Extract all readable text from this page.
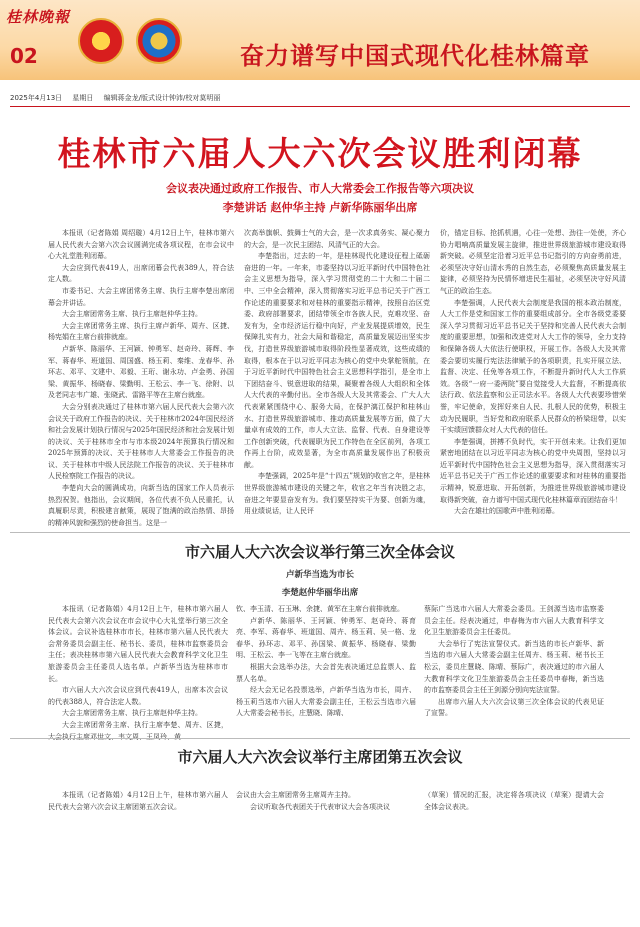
桂林晚報
02	奋力谱写中国式现代化桂林篇章
2025年4月13日 星期日 编辑蒋金龙/版式设计钟沛/校对莫明丽
桂林市六届人大六次会议胜利闭幕
会议表决通过政府工作报告、市人大常委会工作报告等六项决议
李楚讲话 赵仲华主持 卢新华陈丽华出席

本报讯（记者陈娟 周绍璇）4月12日上午，桂林市第六届人民代表大会第六次会议圆满完成各项议程，在市会议中心大礼堂胜利闭幕。

大会应到代表419人，出席闭幕会代表389人，符合法定人数。

市委书记、大会主席团常务主席、执行主席李楚出席闭幕会并讲话。

大会主席团常务主席、执行主席赵仲华主持。

大会主席团常务主席、执行主席卢新华、周卉、区捷、杨宪娟在主席台前排就座。

卢新华、陈丽华、王河颖、钟勇军、赵奇玲、蒋辉、李军、蒋春华、班道国、周国盛、杨玉莉、秦维、龙春华、孙环志、邓平、文建中、邓毅、王珩、谢永功、卢金勇、孙国梁、黄振华、杨晓春、梁勤明、王松云、李一飞、徐附、以及老同志韦广雄、张晓武、雷路平等在主席台就座。

大会分别表决通过了桂林市第六届人民代表大会第六次会议关于政府工作报告的决议、关于桂林市2024年国民经济和社会发展计划执行情况与2025年国民经济和社会发展计划的决议、关于桂林市全市与市本级2024年预算执行情况和2025年预算的决议、关于桂林市人大常委会工作报告的决议、关于桂林市中级人民法院工作报告的决议、关于桂林市人民检察院工作报告的决议。

李楚向大会的圆满成功，向新当选的国家工作人员表示热烈祝贺。他指出，会议期间，各位代表不负人民重托，认真履职尽责，积极建言献策，展现了饱满的政治热情、昂扬的精神风貌和强烈的使命担当。这是一

次高举旗帜、鼓舞士气的大会，是一次求真务实、凝心聚力的大会，是一次民主团结、风清气正的大会。

李楚指出，过去的一年，是桂林现代化建设征程上砥砺奋进的一年。一年来，市委坚持以习近平新时代中国特色社会主义思想为指导，深入学习贯彻党的二十大和二十届二中、三中全会精神，深入贯彻落实习近平总书记关于广西工作论述的重要要求和对桂林的重要指示精神，按照自治区党委、政府部署要求，团结带领全市各族人民，克难攻坚、奋发有为，全市经济运行稳中向好，产业发展提质增效，民生保障扎实有力，社会大局和谐稳定，高质量发展迈出坚实步伐，打造世界级旅游城市取得阶段性显著成效，这些成绩的取得，根本在于以习近平同志为核心的党中央掌舵领航，在于习近平新时代中国特色社会主义思想科学指引，是全市上下团结奋斗、锐意进取的结果，凝聚着各级人大组织和全体人大代表的辛勤付出。全市各级人大及其常委会、广大人大代表紧紧围绕中心、服务大局，在保护漓江保护和桂林山水、打造世界级旅游城市、推动高质量发展等方面，做了大量卓有成效的工作，市人大立法、监督、代表、自身建设等工作创新突破，代表履职为民工作特色在全区前列，各项工作再上台阶，成效显著，为全市高质量发展作出了积极贡献。

李楚强调，2025年是“十四五”规划的收官之年，是桂林世界级旅游城市建设的关键之年，收官之年当有决胜之志，奋进之年要显奋发有为。我们要坚持实干为要、创新为魂，用业绩说话，让人民评

价，锚定目标、抢抓机遇，心往一处想、劲往一处使，齐心协力唱响高质量发展主旋律，推进世界级旅游城市建设取得新突破。必须坚定沿着习近平总书记指引的方向奋勇前进，必须坚决守好山清水秀的自然生态，必须聚焦高质量发展主旋律，必须坚持为民情怀增进民生福祉，必须坚决守好风清气正的政治生态。

李楚强调，人民代表大会制度是我国的根本政治制度，人大工作是党和国家工作的重要组成部分。全市各级党委要深入学习贯彻习近平总书记关于坚持和完善人民代表大会制度的重要思想，加强和改进党对人大工作的领导，全力支持和保障各级人大依法行使职权，开展工作。各级人大及其常委会要切实履行宪法法律赋予的各项职责，扎实开展立法、监督、决定、任免等各项工作，不断提升新时代人大工作质效。各级“一府一委两院”要自觉接受人大监督，不断提高依法行政、依法监察和公正司法水平。各级人大代表要珍惜荣誉，牢记使命，发挥好来自人民、扎根人民的优势，积极主动为民履职，当好党和政府联系人民群众的桥梁纽带，以实干实绩回馈群众对人大代表的信任。

李楚强调，拼搏不负时代，实干开创未来。让我们更加紧密地团结在以习近平同志为核心的党中央周围，坚持以习近平新时代中国特色社会主义思想为指导，深入贯彻落实习近平总书记关于广西工作论述的重要要求和对桂林的重要指示精神，锐意进取、开拓创新，为推进世界级旅游城市建设取得新突破，奋力谱写中国式现代化桂林篇章而团结奋斗！

大会在雄壮的国歌声中胜利闭幕。

市六届人大六次会议举行第三次全体会议
卢新华当选为市长
李楚赵仲华丽华出席

本报讯（记者陈娟）4月12日上午，桂林市第六届人民代表大会第六次会议在市会议中心大礼堂举行第三次全体会议。会议补选桂林市市长，桂林市第六届人民代表大会常务委员会副主任、秘书长、委员，桂林市监察委员会主任；表决桂林市第六届人民代表大会教育科学文化卫生旅游委员会主任委员人选名单。卢新华当选为桂林市市长。

市六届人大六次会议应到代表419人，出席本次会议的代表388人，符合法定人数。

大会主席团常务主席、执行主席赵仲华主持。

大会主席团常务主席、执行主席李楚、周卉、区捷，大会执行主席邓世文、韦文周、王凤玲、黄

钦、李玉清、石玉琳、余捷、黄军在主席台前排就座。

卢新华、陈丽华、王河颖、钟勇军、赵奇玲、蒋育亮、李军、蒋春华、班道国、周卉、杨玉莉、吴一格、龙春华、孙环志、邓平、孙国梁、黄振华、杨晓春、梁勤明、王松云、李一飞等在主席台就座。

根据大会选举办法，大会首先表决通过总监票人、监票人名单。

经大会无记名投票选举，卢新华当选为市长，周卉、杨玉莉当选市六届人大常委会副主任，王松云当选市六届人大常委会秘书长，庄慧晓、陈晴、

蔡际广当选市六届人大常委会委员。王剑源当选市监察委员会主任。经表决通过，申春梅为市六届人大教育科学文化卫生旅游委员会主任委员。

大会举行了宪法宣誓仪式。新当选的市长卢新华、新当选的市六届人大常委会副主任周卉、杨玉莉、秘书长王松云，委员庄慧晓、陈晴、蔡际广，表决通过的市六届人大教育科学文化卫生旅游委员会主任委员申春梅，新当选的市监察委员会主任王剑源分别向宪法宣誓。

出席市六届人大六次会议第三次全体会议的代表见证了宣誓。

市六届人大六次会议举行主席团第五次会议

本报讯（记者陈娟）4月12日上午，桂林市第六届人民代表大会第六次会议主席团第五次会议。

会议由大会主席团常务主席周卉主持。

会议听取各代表团关于代表审议大会各项决议

（草案）情况的汇报，决定将各项决议（草案）提请大会全体会议表决。
